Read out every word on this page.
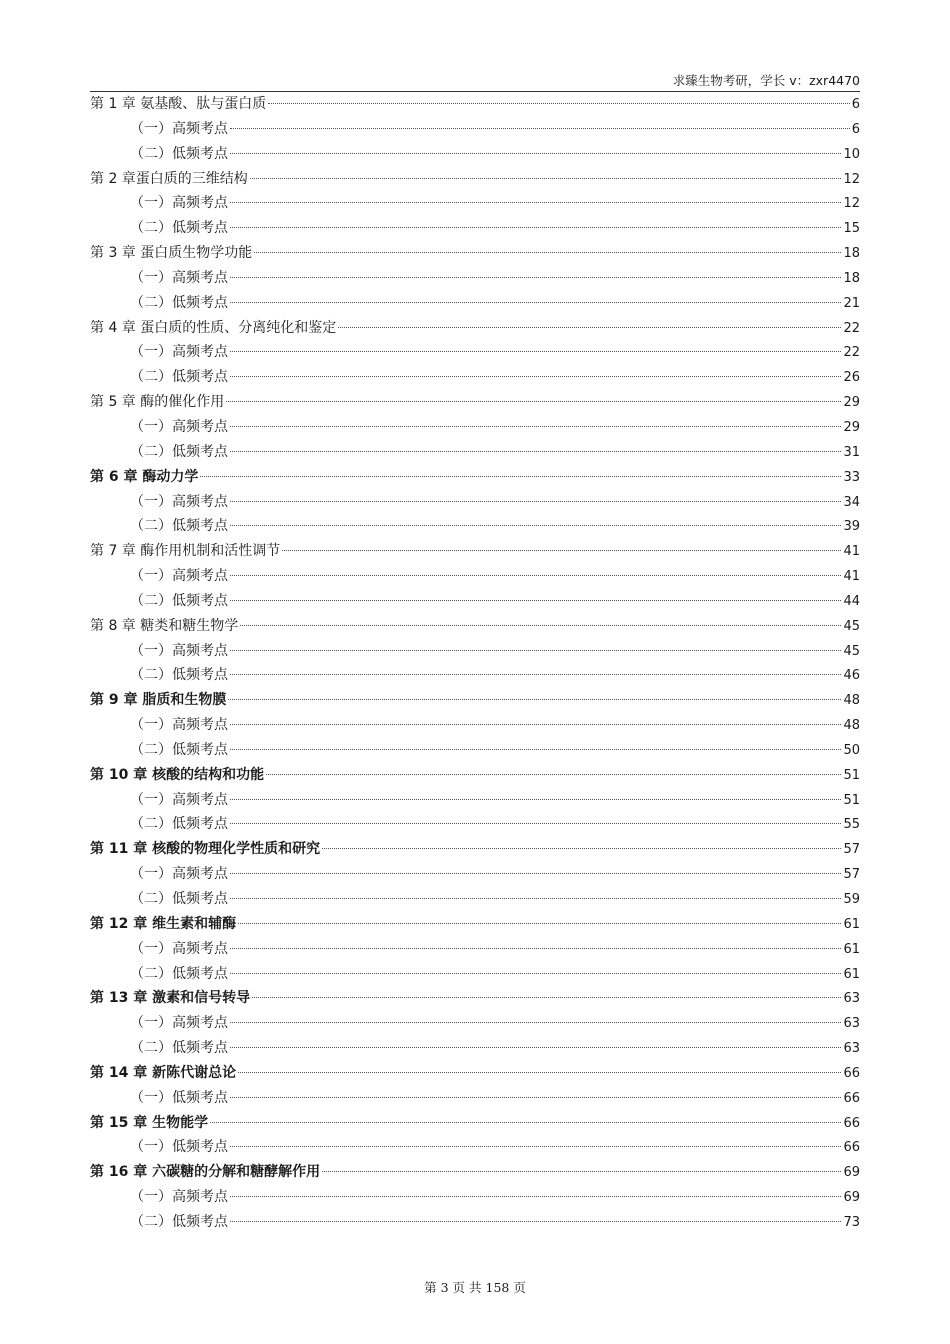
求臻生物考研，学长 v：zxr4470
第 1 章 氨基酸、肽与蛋白质	6
（一）高频考点	6
（二）低频考点	10
第 2 章蛋白质的三维结构	12
（一）高频考点	12
（二）低频考点	15
第 3 章 蛋白质生物学功能	18
（一）高频考点	18
（二）低频考点	21
第 4 章 蛋白质的性质、分离纯化和鉴定	22
（一）高频考点	22
（二）低频考点	26
第 5 章 酶的催化作用	29
（一）高频考点	29
（二）低频考点	31
第 6 章 酶动力学	33
（一）高频考点	34
（二）低频考点	39
第 7 章 酶作用机制和活性调节	41
（一）高频考点	41
（二）低频考点	44
第 8 章 糖类和糖生物学	45
（一）高频考点	45
（二）低频考点	46
第 9 章 脂质和生物膜	48
（一）高频考点	48
（二）低频考点	50
第 10 章 核酸的结构和功能	51
（一）高频考点	51
（二）低频考点	55
第 11 章 核酸的物理化学性质和研究	57
（一）高频考点	57
（二）低频考点	59
第 12 章 维生素和辅酶	61
（一）高频考点	61
（二）低频考点	61
第 13 章 激素和信号转导	63
（一）高频考点	63
（二）低频考点	63
第 14 章 新陈代谢总论	66
（一）低频考点	66
第 15 章 生物能学	66
（一）低频考点	66
第 16 章 六碳糖的分解和糖酵解作用	69
（一）高频考点	69
（二）低频考点	73
第 3 页 共 158 页
